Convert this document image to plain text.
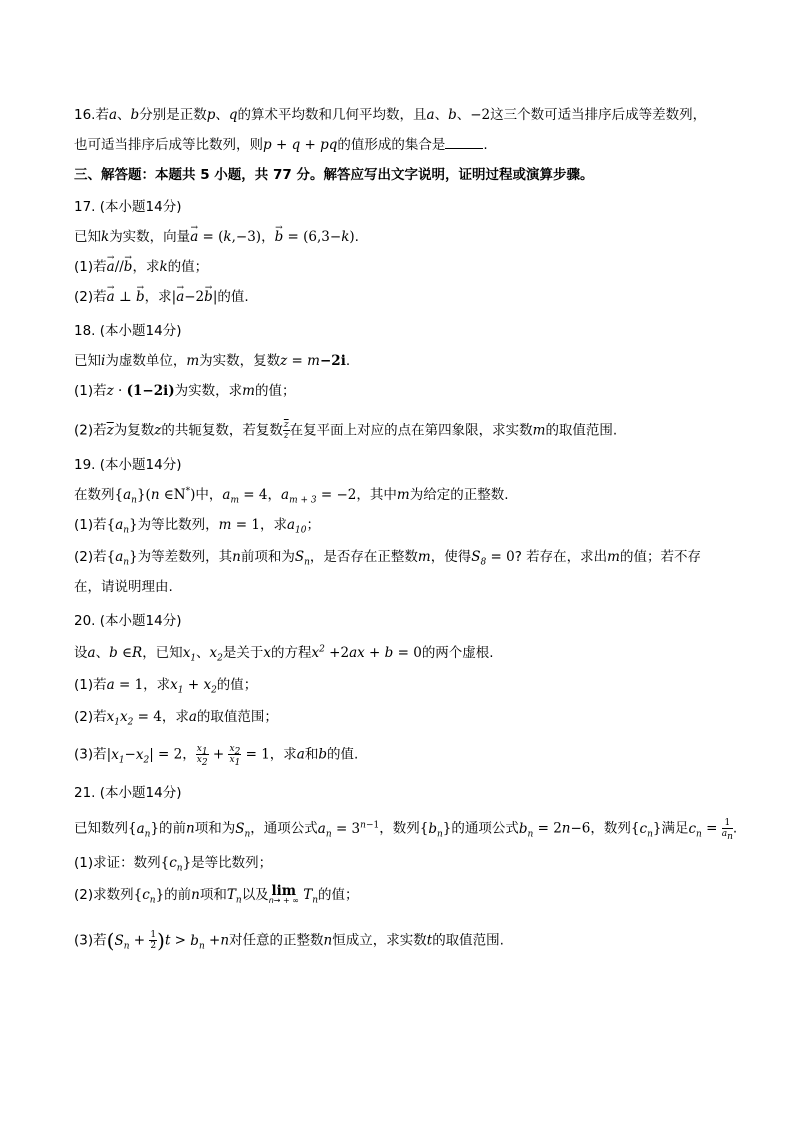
16.若a、b分别是正数p、q的算术平均数和几何平均数，且a、b、−2这三个数可适当排序后成等差数列，
也可适当排序后成等比数列，则p + q + pq的值形成的集合是	.
三、解答题：本题共 5 小题，共 77 分。解答应写出文字说明，证明过程或演算步骤。
17. (本小题14分)
已知k为实数，向量→ a = (k,−3)，→ b = (6,3−k).
(1)若→ a//→ b，求k的值；
(2)若→ a ⊥ → b，求|→ a−2→ b|的值.
18. (本小题14分)
已知i为虚数单位，m为实数，复数z = m−2i.
(1)若z · (1−2i)为实数，求m的值；
(2)若$\overline{z}$为复数z的共轭复数，若复数 $\frac{\overline{z}}{z}$ 在复平面上对应的点在第四象限，求实数m的取值范围.
19. (本小题14分)
在数列$\{a_n\}(n$ ∈N*)中，$a_m = 4$，$a_{m + 3} = -2$，其中m为给定的正整数.
(1)若$\{a_n\}$为等比数列，m = 1，求$a_{10}$；
(2)若$\{a_n\}$为等差数列，其n前项和为$S_n$，是否存在正整数m，使得$S_8 = 0$? 若存在，求出m的值；若不存
在，请说明理由.
20. (本小题14分)
设a、b ∈R，已知$x_1$、$x_2$是关于x的方程$x^2 +2ax + b = 0$的两个虚根.
(1)若a = 1，求$x_1 + x_2$的值；
(2)若$x_1x_2 = 4$，求a的取值范围；
(3)若$|x_1-x_2| = 2$， $\frac{x_1}{x_2} + \frac{x_2}{x_1} = 1$，求a和b的值.
21. (本小题14分)
已知数列$\{a_n\}$的前n项和为$S_n$，通项公式$a_n = 3^{n-1}$，数列$\{b_n\}$的通项公式$b_n = 2n-6$，数列$\{c_n\}$满足$c_n = \frac{1}{a_n}$ .
(1)求证：数列$\{c_n\}$是等比数列；
(2)求数列$\{c_n\}$的前n项和$T_n$以及 lim
n→ + ∞ $T_n$的值；
(3)若$(S_n + \frac{1}{2} )t > b_n +n$对任意的正整数n恒成立，求实数t的取值范围.
